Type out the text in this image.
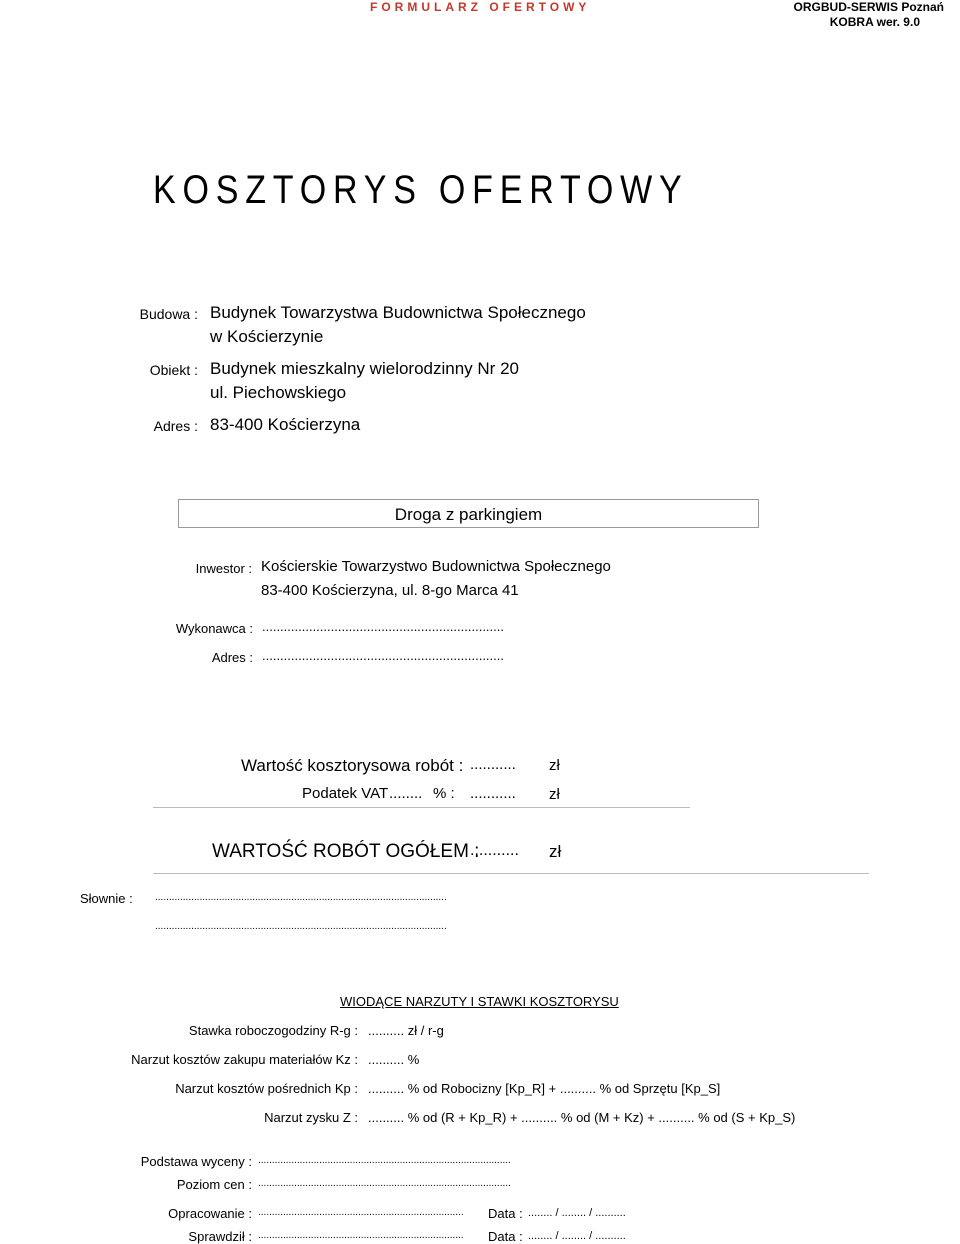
FORMULARZ OFERTOWY	ORGBUD-SERWIS Poznań
KOBRA wer. 9.0
KOSZTORYS OFERTOWY
Budowa : Budynek Towarzystwa Budownictwa Społecznego
w Kościerzynie
Obiekt : Budynek mieszkalny wielorodzinny Nr 20
ul. Piechowskiego
Adres : 83-400 Kościerzyna
Droga z parkingiem
Inwestor : Kościerskie Towarzystwo Budownictwa Społecznego
83-400 Kościerzyna, ul. 8-go Marca 41
Wykonawca : ...................................................................
Adres : ...................................................................
Wartość kosztorysowa robót : ........... zł
Podatek VAT ........ % : ........... zł
WARTOŚĆ ROBÓT OGÓŁEM :
........... zł
Słownie : .........................................................................................................
.........................................................................................................
WIODĄCE NARZUTY I STAWKI KOSZTORYSU
Stawka roboczogodziny R-g : .......... zł / r-g
Narzut kosztów zakupu materiałów Kz : .......... %
Narzut kosztów pośrednich Kp : .......... % od Robocizny [Kp_R] + .......... % od Sprzętu [Kp_S]
Narzut zysku Z : .......... % od (R + Kp_R) + .......... % od (M + Kz) + .......... % od (S + Kp_S)
Podstawa wyceny : ...........................................................................................
Poziom cen : ...........................................................................................
Opracowanie : .......................................................................... Data : ........ / ........ / ..........
Sprawdził : .......................................................................... Data : ........ / ........ / ..........
